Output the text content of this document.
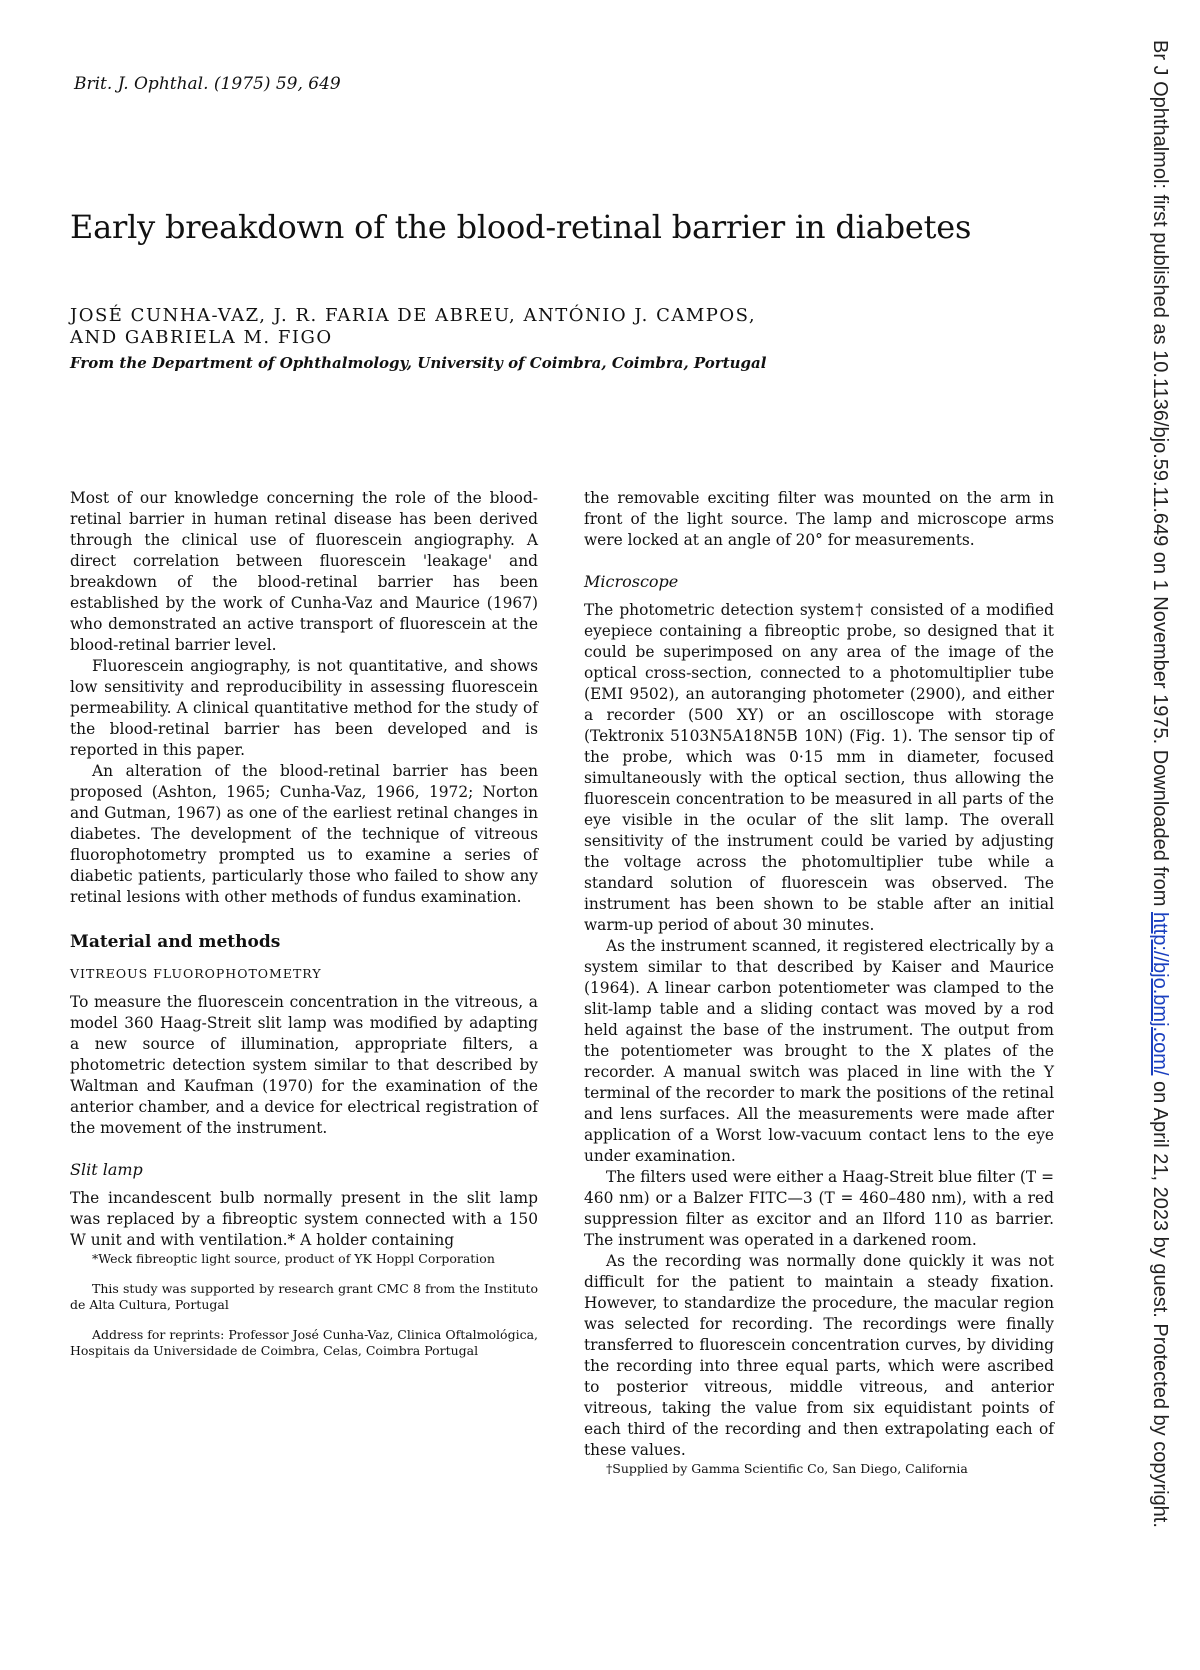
Brit. J. Ophthal. (1975) 59, 649
Early breakdown of the blood-retinal barrier in diabetes
JOSÉ CUNHA-VAZ, J. R. FARIA DE ABREU, ANTÓNIO J. CAMPOS,
AND GABRIELA M. FIGO
From the Department of Ophthalmology, University of Coimbra, Coimbra, Portugal

Most of our knowledge concerning the role of the blood-retinal barrier in human retinal disease has been derived through the clinical use of fluorescein angiography. A direct correlation between fluorescein 'leakage' and breakdown of the blood-retinal barrier has been established by the work of Cunha-Vaz and Maurice (1967) who demonstrated an active transport of fluorescein at the blood-retinal barrier level.

Fluorescein angiography, is not quantitative, and shows low sensitivity and reproducibility in assessing fluorescein permeability. A clinical quantitative method for the study of the blood-retinal barrier has been developed and is reported in this paper.

An alteration of the blood-retinal barrier has been proposed (Ashton, 1965; Cunha-Vaz, 1966, 1972; Norton and Gutman, 1967) as one of the earliest retinal changes in diabetes. The development of the technique of vitreous fluorophotometry prompted us to examine a series of diabetic patients, particularly those who failed to show any retinal lesions with other methods of fundus examination.

Material and methods
VITREOUS FLUOROPHOTOMETRY

To measure the fluorescein concentration in the vitreous, a model 360 Haag-Streit slit lamp was modified by adapting a new source of illumination, appropriate filters, a photometric detection system similar to that described by Waltman and Kaufman (1970) for the examination of the anterior chamber, and a device for electrical registration of the movement of the instrument.

Slit lamp

The incandescent bulb normally present in the slit lamp was replaced by a fibreoptic system connected with a 150 W unit and with ventilation.* A holder containing

*Weck fibreoptic light source, product of YK Hoppl Corporation

This study was supported by research grant CMC 8 from the Instituto de Alta Cultura, Portugal

Address for reprints: Professor José Cunha-Vaz, Clinica Oftalmológica, Hospitais da Universidade de Coimbra, Celas, Coimbra Portugal

the removable exciting filter was mounted on the arm in front of the light source. The lamp and microscope arms were locked at an angle of 20° for measurements.

Microscope

The photometric detection system† consisted of a modified eyepiece containing a fibreoptic probe, so designed that it could be superimposed on any area of the image of the optical cross-section, connected to a photomultiplier tube (EMI 9502), an autoranging photometer (2900), and either a recorder (500 XY) or an oscilloscope with storage (Tektronix 5103N5A18N5B 10N) (Fig. 1). The sensor tip of the probe, which was 0·15 mm in diameter, focused simultaneously with the optical section, thus allowing the fluorescein concentration to be measured in all parts of the eye visible in the ocular of the slit lamp. The overall sensitivity of the instrument could be varied by adjusting the voltage across the photomultiplier tube while a standard solution of fluorescein was observed. The instrument has been shown to be stable after an initial warm-up period of about 30 minutes.

As the instrument scanned, it registered electrically by a system similar to that described by Kaiser and Maurice (1964). A linear carbon potentiometer was clamped to the slit-lamp table and a sliding contact was moved by a rod held against the base of the instrument. The output from the potentiometer was brought to the X plates of the recorder. A manual switch was placed in line with the Y terminal of the recorder to mark the positions of the retinal and lens surfaces. All the measurements were made after application of a Worst low-vacuum contact lens to the eye under examination.

The filters used were either a Haag-Streit blue filter (T = 460 nm) or a Balzer FITC—3 (T = 460–480 nm), with a red suppression filter as excitor and an Ilford 110 as barrier. The instrument was operated in a darkened room.

As the recording was normally done quickly it was not difficult for the patient to maintain a steady fixation. However, to standardize the procedure, the macular region was selected for recording. The recordings were finally transferred to fluorescein concentration curves, by dividing the recording into three equal parts, which were ascribed to posterior vitreous, middle vitreous, and anterior vitreous, taking the value from six equidistant points of each third of the recording and then extrapolating each of these values.

†Supplied by Gamma Scientific Co, San Diego, California

Br J Ophthalmol: first published as 10.1136/bjo.59.11.649 on 1 November 1975. Downloaded from http://bjo.bmj.com/ on April 21, 2023 by guest. Protected by copyright.
